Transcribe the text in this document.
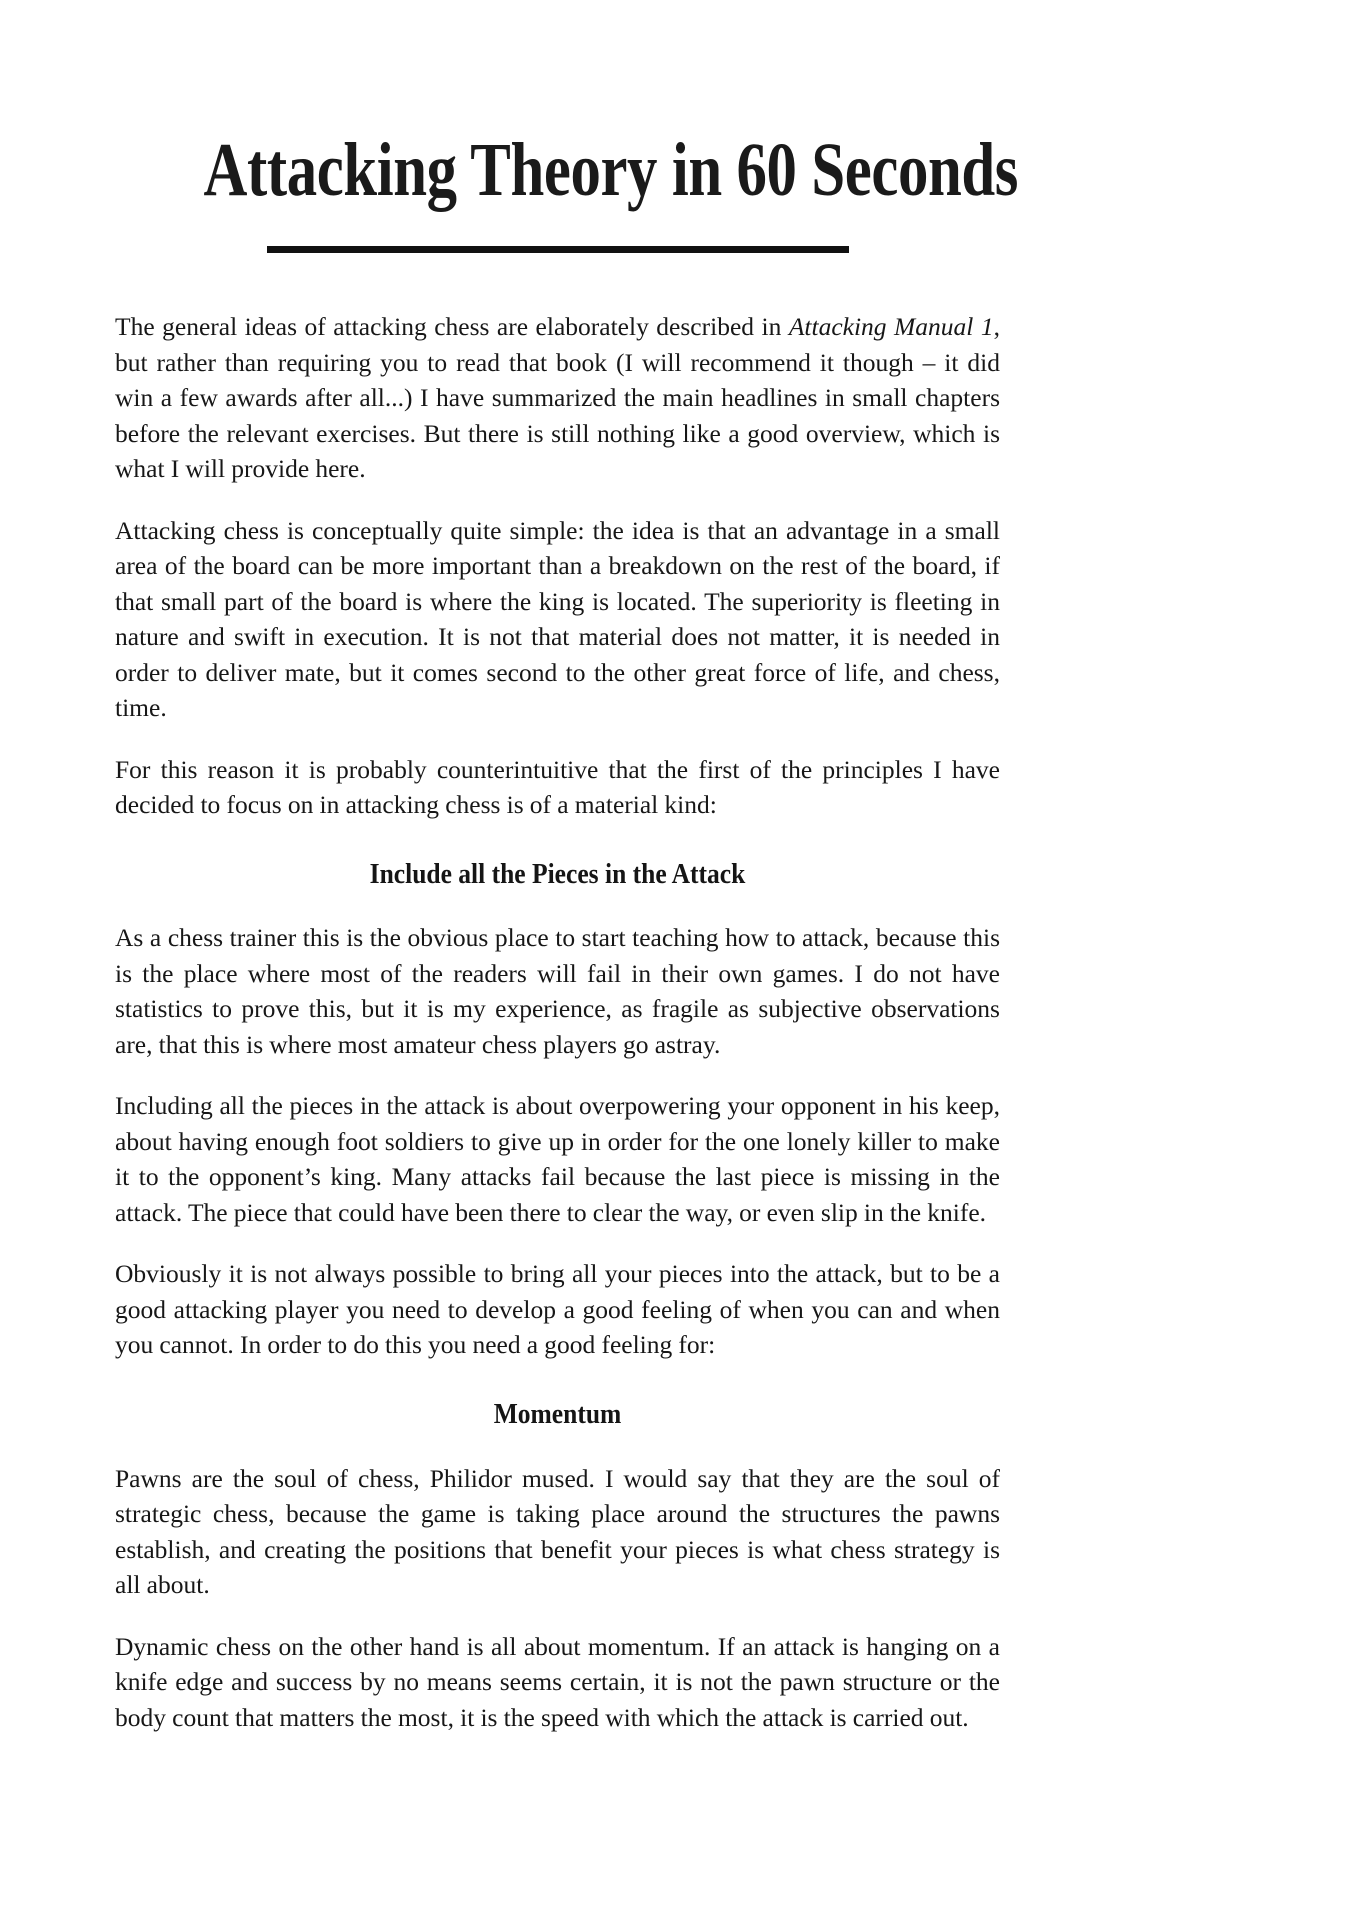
Attacking Theory in 60 Seconds

The general ideas of attacking chess are elaborately described in Attacking Manual 1, but rather than requiring you to read that book (I will recommend it though – it did win a few awards after all...) I have summarized the main headlines in small chapters before the relevant exercises. But there is still nothing like a good overview, which is what I will provide here.

Attacking chess is conceptually quite simple: the idea is that an advantage in a small area of the board can be more important than a breakdown on the rest of the board, if that small part of the board is where the king is located. The superiority is fleeting in nature and swift in execution. It is not that material does not matter, it is needed in order to deliver mate, but it comes second to the other great force of life, and chess, time.

For this reason it is probably counterintuitive that the first of the principles I have decided to focus on in attacking chess is of a material kind:

Include all the Pieces in the Attack

As a chess trainer this is the obvious place to start teaching how to attack, because this is the place where most of the readers will fail in their own games. I do not have statistics to prove this, but it is my experience, as fragile as subjective observations are, that this is where most amateur chess players go astray.

Including all the pieces in the attack is about overpowering your opponent in his keep, about having enough foot soldiers to give up in order for the one lonely killer to make it to the opponent’s king. Many attacks fail because the last piece is missing in the attack. The piece that could have been there to clear the way, or even slip in the knife.

Obviously it is not always possible to bring all your pieces into the attack, but to be a good attacking player you need to develop a good feeling of when you can and when you cannot. In order to do this you need a good feeling for:

Momentum

Pawns are the soul of chess, Philidor mused. I would say that they are the soul of strategic chess, because the game is taking place around the structures the pawns establish, and creating the positions that benefit your pieces is what chess strategy is all about.

Dynamic chess on the other hand is all about momentum. If an attack is hanging on a knife edge and success by no means seems certain, it is not the pawn structure or the body count that matters the most, it is the speed with which the attack is carried out.
